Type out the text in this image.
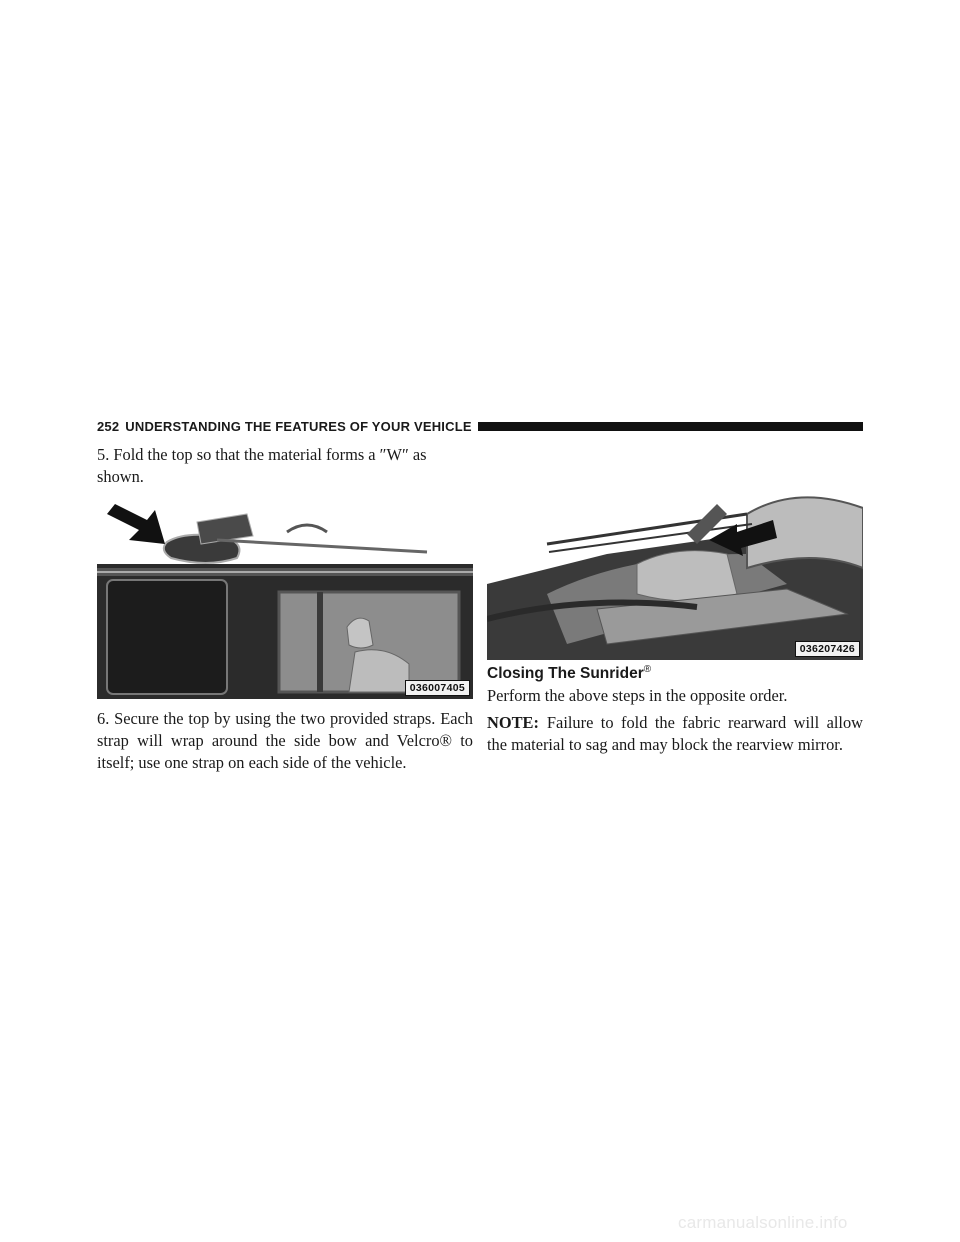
252 UNDERSTANDING THE FEATURES OF YOUR VEHICLE
5. Fold the top so that the material forms a ″W″ as shown.
036007405

6. Secure the top by using the two provided straps. Each strap will wrap around the side bow and Velcro® to itself; use one strap on each side of the vehicle.

036207426
Closing The Sunrider®

Perform the above steps in the opposite order.

NOTE: Failure to fold the fabric rearward will allow the material to sag and may block the rearview mirror.

carmanualsonline.info
